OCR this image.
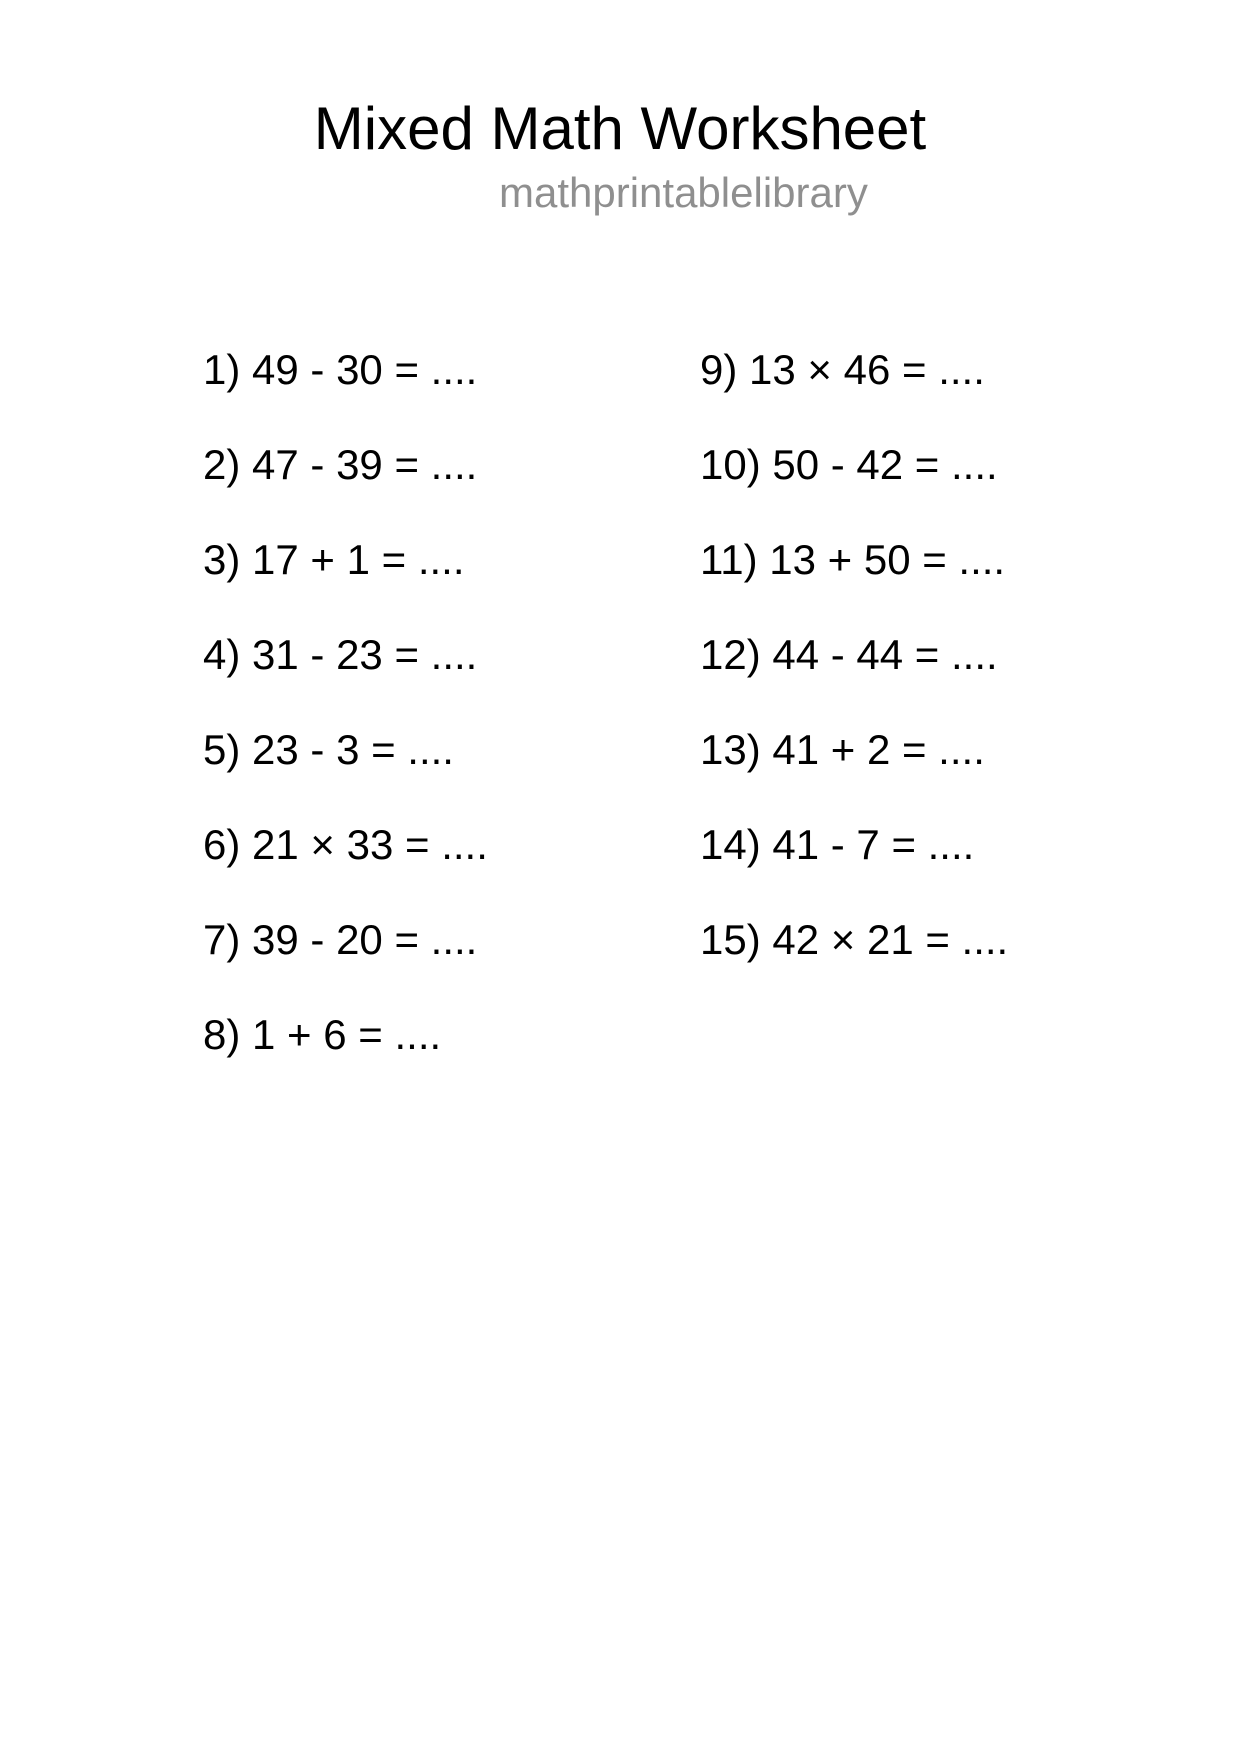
Mixed Math Worksheet
mathprintablelibrary
1) 49 - 30 = ....
2) 47 - 39 = ....
3) 17 + 1 = ....
4) 31 - 23 = ....
5) 23 - 3 = ....
6) 21 × 33 = ....
7) 39 - 20 = ....
8) 1 + 6 = ....
9) 13 × 46 = ....
10) 50 - 42 = ....
11) 13 + 50 = ....
12) 44 - 44 = ....
13) 41 + 2 = ....
14) 41 - 7 = ....
15) 42 × 21 = ....
